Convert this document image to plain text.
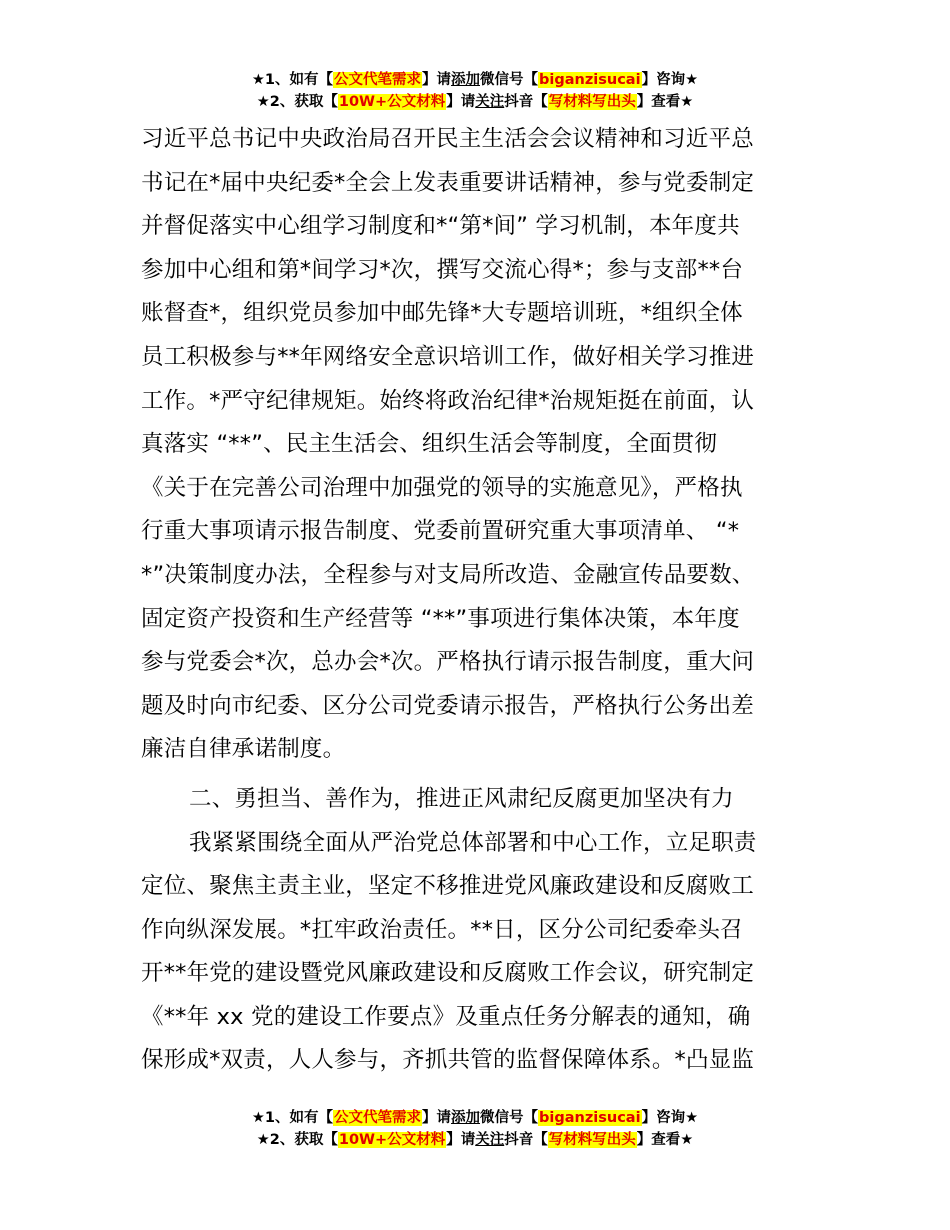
★1、如有【公文代笔需求】请添加微信号【biganzisucai】咨询★
★2、获取【10W+公文材料】请关注抖音【写材料写出头】查看★
习近平总书记中央政治局召开民主生活会会议精神和习近平总
书记在*届中央纪委*全会上发表重要讲话精神，参与党委制定
并督促落实中心组学习制度和*“第*间” 学习机制，本年度共
参加中心组和第*间学习*次，撰写交流心得*；参与支部**台
账督查*，组织党员参加中邮先锋*大专题培训班，*组织全体
员工积极参与**年网络安全意识培训工作，做好相关学习推进
工作。*严守纪律规矩。始终将政治纪律*治规矩挺在前面，认
真落实 “**”、民主生活会、组织生活会等制度，全面贯彻
《关于在完善公司治理中加强党的领导的实施意见》，严格执
行重大事项请示报告制度、党委前置研究重大事项清单、 “*
*”决策制度办法，全程参与对支局所改造、金融宣传品要数、
固定资产投资和生产经营等 “**”事项进行集体决策，本年度
参与党委会*次，总办会*次。严格执行请示报告制度，重大问
题及时向市纪委、区分公司党委请示报告，严格执行公务出差
廉洁自律承诺制度。
二、勇担当、善作为，推进正风肃纪反腐更加坚决有力
我紧紧围绕全面从严治党总体部署和中心工作，立足职责
定位、聚焦主责主业，坚定不移推进党风廉政建设和反腐败工
作向纵深发展。*扛牢政治责任。**日，区分公司纪委牵头召
开**年党的建设暨党风廉政建设和反腐败工作会议，研究制定
《**年 xx 党的建设工作要点》及重点任务分解表的通知，确
保形成*双责，人人参与，齐抓共管的监督保障体系。*凸显监
★1、如有【公文代笔需求】请添加微信号【biganzisucai】咨询★
★2、获取【10W+公文材料】请关注抖音【写材料写出头】查看★
